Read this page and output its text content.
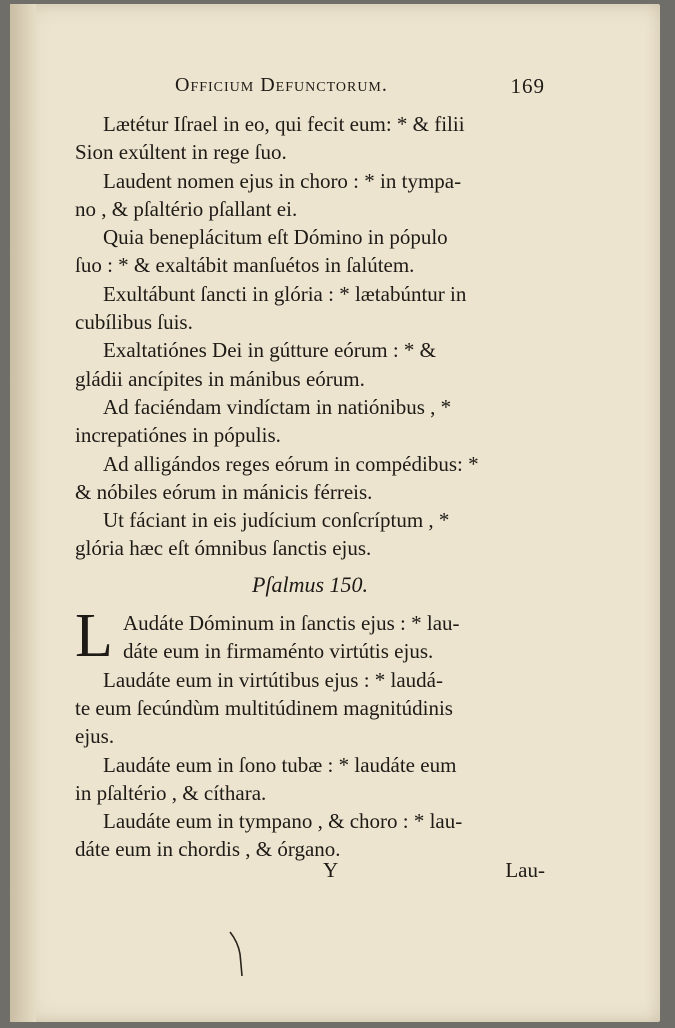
Officium Defunctorum.	169
Lætétur Iſrael in eo, qui fecit eum: * & filii
Sion exúltent in rege ſuo.
Laudent nomen ejus in choro : * in tympa-
no , & pſaltério pſallant ei.
Quia beneplácitum eſt Dómino in pópulo
ſuo : * & exaltábit manſuétos in ſalútem.
Exultábunt ſancti in glória : * lætabúntur in
cubílibus ſuis.
Exaltatiónes Dei in gútture eórum : * &
gládii ancípites in mánibus eórum.
Ad faciéndam vindíctam in natiónibus , *
increpatiónes in pópulis.
Ad alligándos reges eórum in compédibus: *
& nóbiles eórum in mánicis férreis.
Ut fáciant in eis judícium conſcríptum , *
glória hæc eſt ómnibus ſanctis ejus.
Pſalmus 150.
L Audáte Dóminum in ſanctis ejus : * lau-
dáte eum in firmaménto virtútis ejus.
Laudáte eum in virtútibus ejus : * laudá-
te eum ſecúndùm multitúdinem magnitúdinis
ejus.
Laudáte eum in ſono tubæ : * laudáte eum
in pſaltério , & cíthara.
Laudáte eum in tympano , & choro : * lau-
dáte eum in chordis , & órgano.
Y	Lau-
